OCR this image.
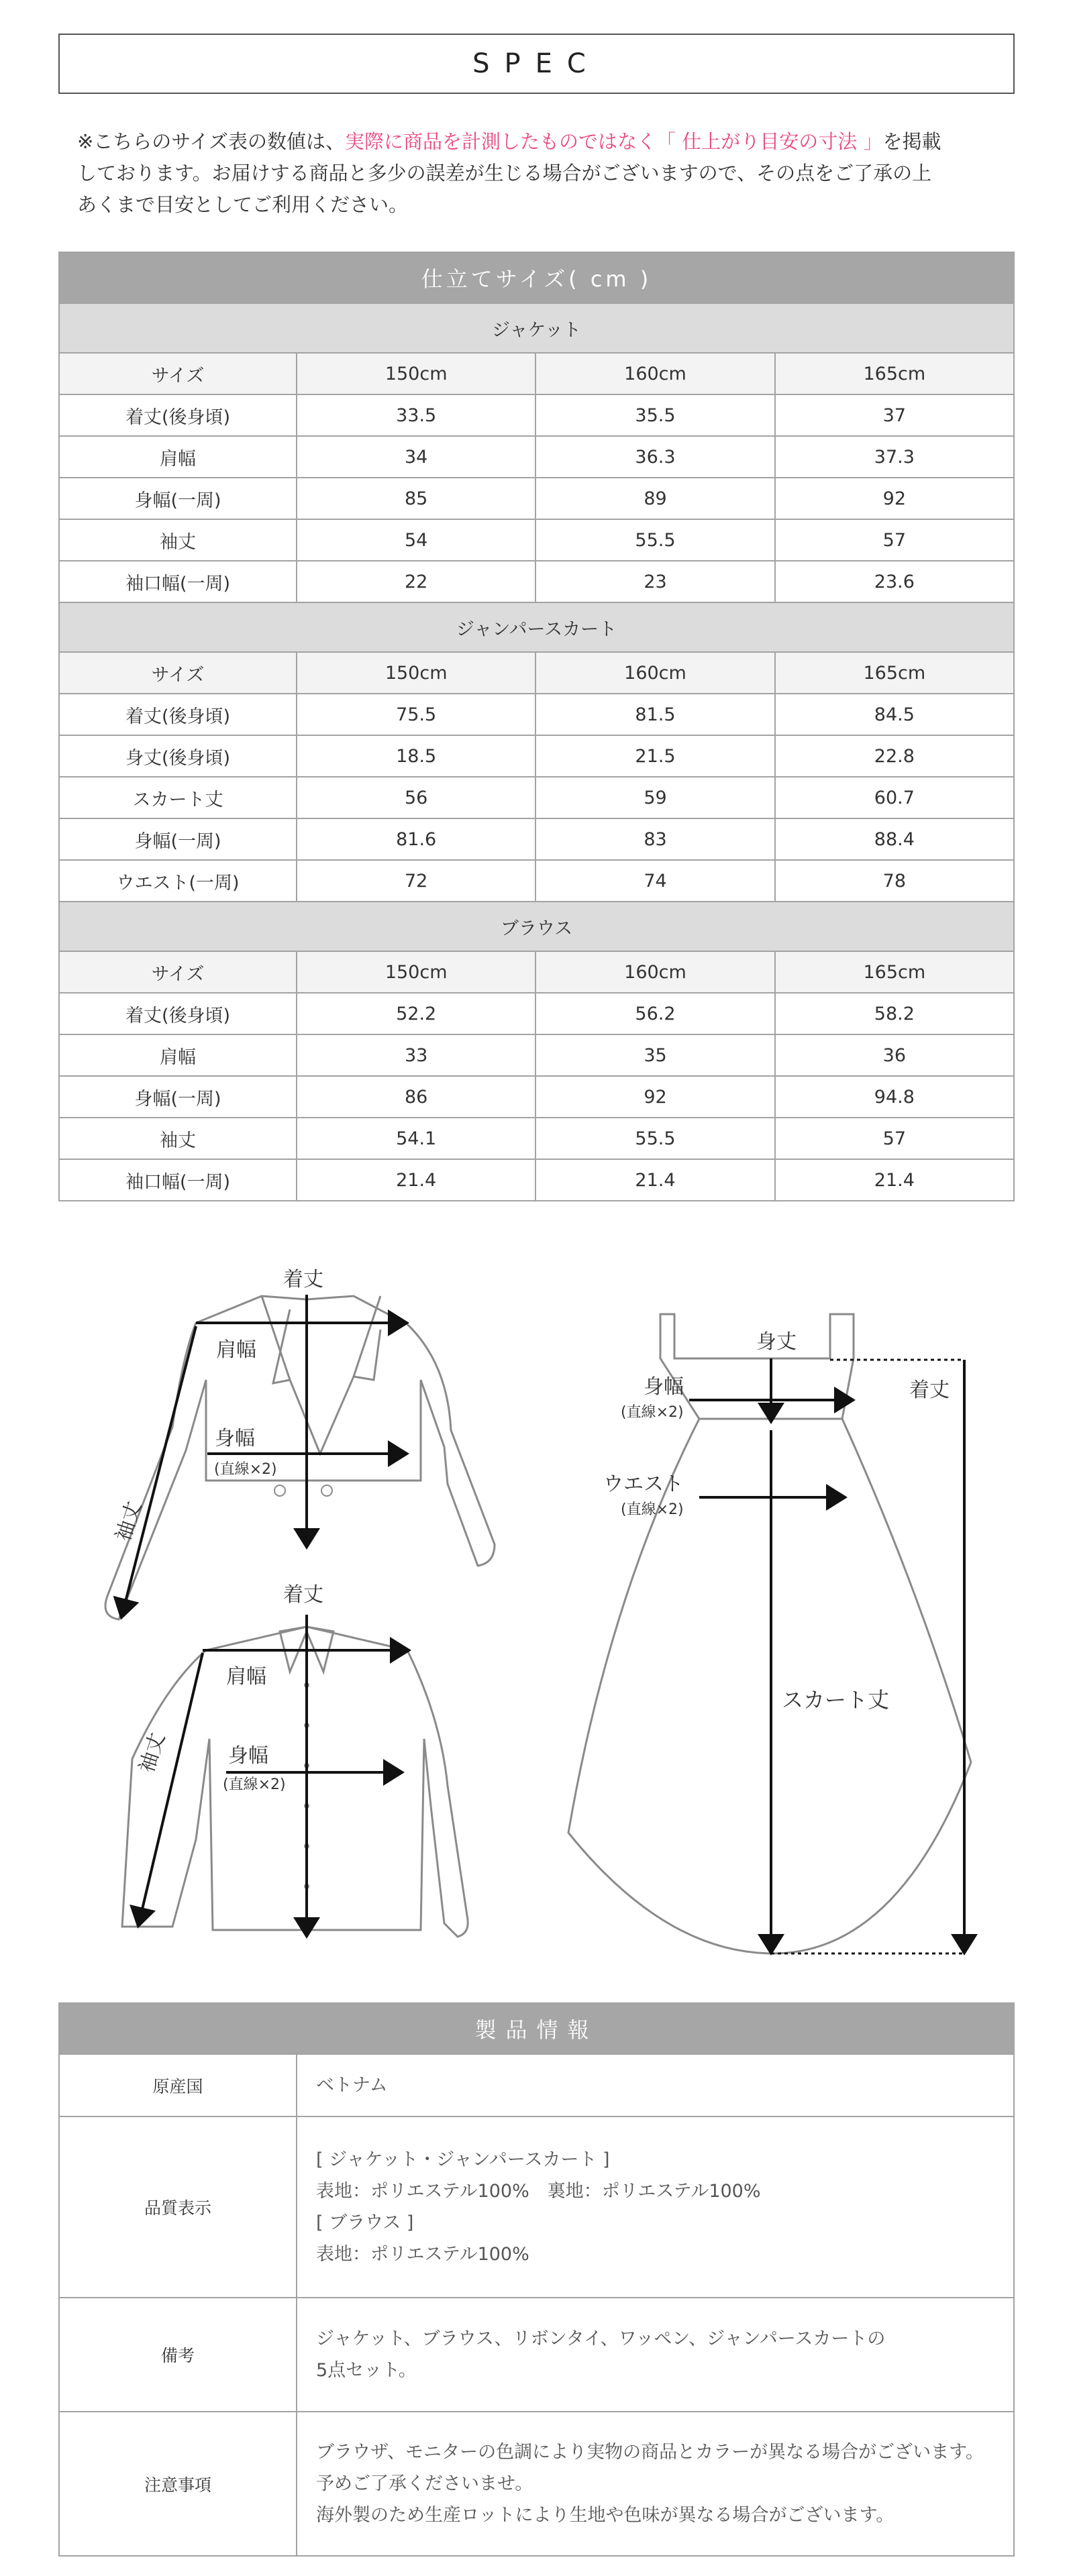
SPEC
※こちらのサイズ表の数値は、実際に商品を計測したものではなく「 仕上がり目安の寸法 」を掲載
しております。お届けする商品と多少の誤差が生じる場合がございますので、その点をご了承の上
あくまで目安としてご利用ください。
仕立てサイズ( cm )			
ジャケット			
サイズ	150cm	160cm	165cm
着丈(後身頃)	33.5	35.5	37
肩幅	34	36.3	37.3
身幅(一周)	85	89	92
袖丈	54	55.5	57
袖口幅(一周)	22	23	23.6
ジャンパースカート			
サイズ	150cm	160cm	165cm
着丈(後身頃)	75.5	81.5	84.5
身丈(後身頃)	18.5	21.5	22.8
スカート丈	56	59	60.7
身幅(一周)	81.6	83	88.4
ウエスト(一周)	72	74	78
ブラウス			
サイズ	150cm	160cm	165cm
着丈(後身頃)	52.2	56.2	58.2
肩幅	33	35	36
身幅(一周)	86	92	94.8
袖丈	54.1	55.5	57
袖口幅(一周)	21.4	21.4	21.4
着丈
肩幅
身幅
(直線×2)
袖丈
着丈
肩幅
身幅
(直線×2)
袖丈
身丈
身幅
(直線×2)
ウエスト
(直線×2)
着丈
スカート丈
製品情報	
原産国	ベトナム

品質表示	[ ジャケット・ジャンパースカート ]
表地：ポリエステル100%　裏地：ポリエステル100%
[ ブラウス ]
表地：ポリエステル100%

備考	ジャケット、ブラウス、リボンタイ、ワッペン、ジャンパースカートの
5点セット。

注意事項	ブラウザ、モニターの色調により実物の商品とカラーが異なる場合がございます。
予めご了承くださいませ。
海外製のため生産ロットにより生地や色味が異なる場合がございます。
